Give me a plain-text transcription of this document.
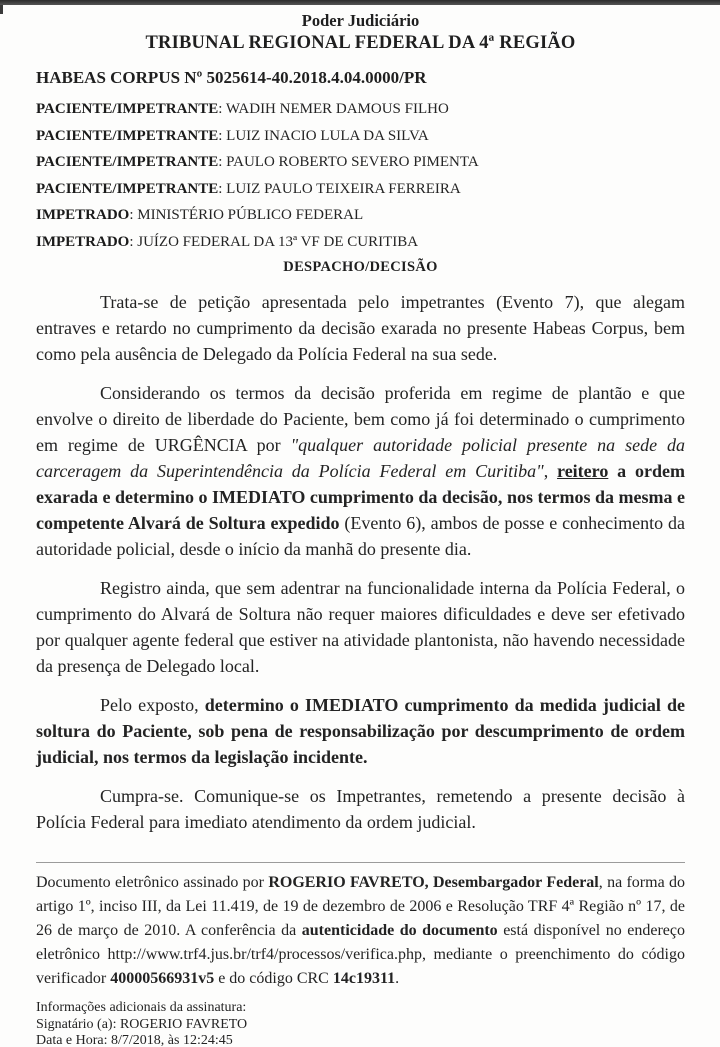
Poder Judiciário
TRIBUNAL REGIONAL FEDERAL DA 4ª REGIÃO
HABEAS CORPUS Nº 5025614-40.2018.4.04.0000/PR
PACIENTE/IMPETRANTE: WADIH NEMER DAMOUS FILHO
PACIENTE/IMPETRANTE: LUIZ INACIO LULA DA SILVA
PACIENTE/IMPETRANTE: PAULO ROBERTO SEVERO PIMENTA
PACIENTE/IMPETRANTE: LUIZ PAULO TEIXEIRA FERREIRA
IMPETRADO: MINISTÉRIO PÚBLICO FEDERAL
IMPETRADO: JUÍZO FEDERAL DA 13ª VF DE CURITIBA
DESPACHO/DECISÃO

Trata-se de petição apresentada pelo impetrantes (Evento 7), que alegam entraves e retardo no cumprimento da decisão exarada no presente Habeas Corpus, bem como pela ausência de Delegado da Polícia Federal na sua sede.

Considerando os termos da decisão proferida em regime de plantão e que envolve o direito de liberdade do Paciente, bem como já foi determinado o cumprimento em regime de URGÊNCIA por "qualquer autoridade policial presente na sede da carceragem da Superintendência da Polícia Federal em Curitiba", reitero a ordem exarada e determino o IMEDIATO cumprimento da decisão, nos termos da mesma e competente Alvará de Soltura expedido (Evento 6), ambos de posse e conhecimento da autoridade policial, desde o início da manhã do presente dia.

Registro ainda, que sem adentrar na funcionalidade interna da Polícia Federal, o cumprimento do Alvará de Soltura não requer maiores dificuldades e deve ser efetivado por qualquer agente federal que estiver na atividade plantonista, não havendo necessidade da presença de Delegado local.

Pelo exposto, determino o IMEDIATO cumprimento da medida judicial de soltura do Paciente, sob pena de responsabilização por descumprimento de ordem judicial, nos termos da legislação incidente.

Cumpra-se. Comunique-se os Impetrantes, remetendo a presente decisão à Polícia Federal para imediato atendimento da ordem judicial.

Documento eletrônico assinado por ROGERIO FAVRETO, Desembargador Federal, na forma do artigo 1º, inciso III, da Lei 11.419, de 19 de dezembro de 2006 e Resolução TRF 4ª Região nº 17, de 26 de março de 2010. A conferência da autenticidade do documento está disponível no endereço eletrônico http://www.trf4.jus.br/trf4/processos/verifica.php, mediante o preenchimento do código verificador 40000566931v5 e do código CRC 14c19311.

Informações adicionais da assinatura:
Signatário (a): ROGERIO FAVRETO
Data e Hora: 8/7/2018, às 12:24:45
